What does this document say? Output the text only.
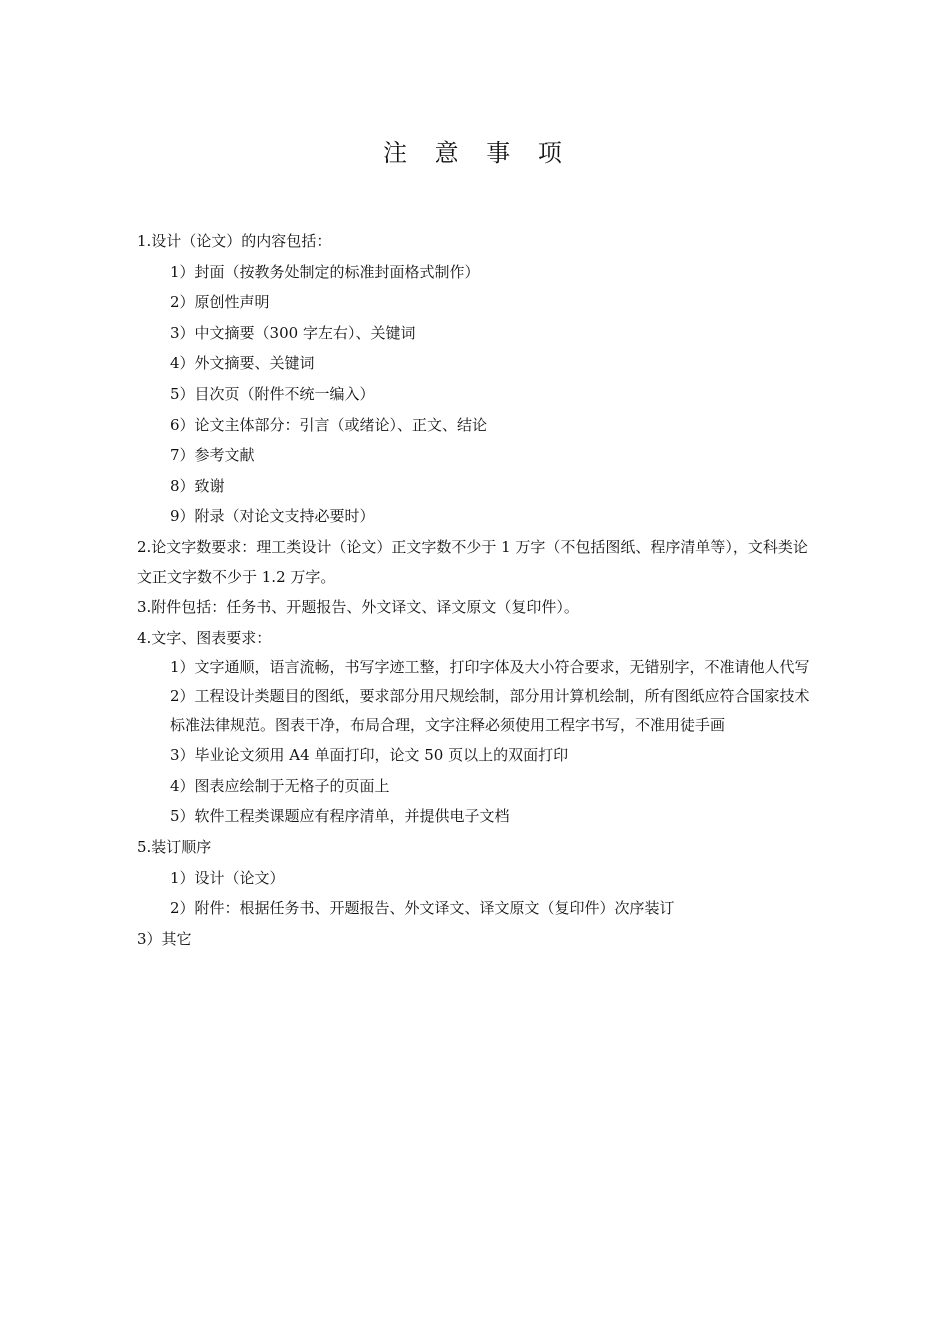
注 意 事 项

1.设计（论文）的内容包括：

1）封面（按教务处制定的标准封面格式制作）

2）原创性声明

3）中文摘要（300 字左右）、关键词

4）外文摘要、关键词

5）目次页（附件不统一编入）

6）论文主体部分：引言（或绪论）、正文、结论

7）参考文献

8）致谢

9）附录（对论文支持必要时）

2.论文字数要求：理工类设计（论文）正文字数不少于 1 万字（不包括图纸、程序清单等），文科类论文正文字数不少于 1.2 万字。

3.附件包括：任务书、开题报告、外文译文、译文原文（复印件）。

4.文字、图表要求：

1）文字通顺，语言流畅，书写字迹工整，打印字体及大小符合要求，无错别字，不准请他人代写

2）工程设计类题目的图纸，要求部分用尺规绘制，部分用计算机绘制，所有图纸应符合国家技术标准法律规范。图表干净，布局合理，文字注释必须使用工程字书写，不准用徒手画

3）毕业论文须用 A4 单面打印，论文 50 页以上的双面打印

4）图表应绘制于无格子的页面上

5）软件工程类课题应有程序清单，并提供电子文档

5.装订顺序

1）设计（论文）

2）附件：根据任务书、开题报告、外文译文、译文原文（复印件）次序装订

3）其它
